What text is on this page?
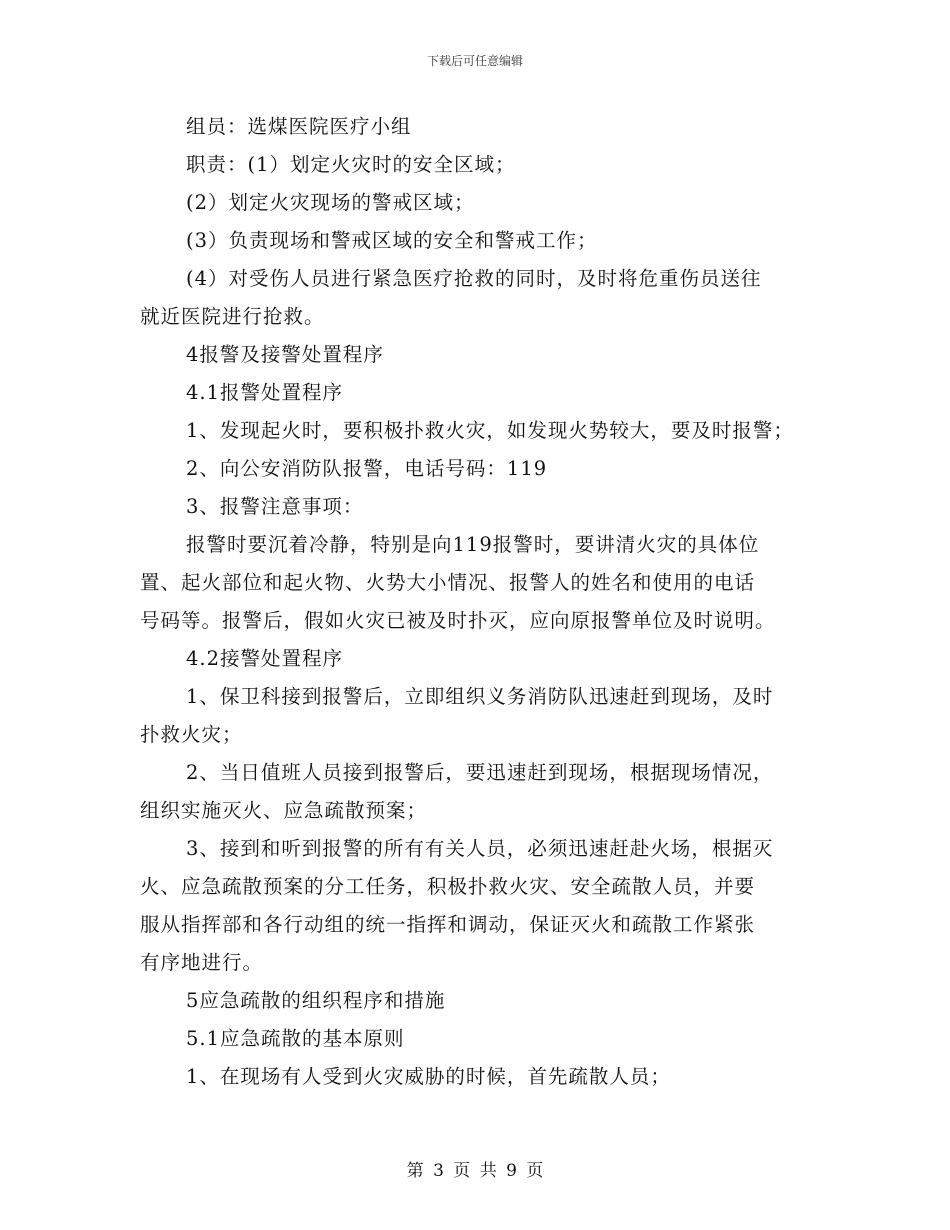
下载后可任意编辑
组员：选煤医院医疗小组
职责：(1）划定火灾时的安全区域；
(2）划定火灾现场的警戒区域；
(3）负责现场和警戒区域的安全和警戒工作；
(4）对受伤人员进行紧急医疗抢救的同时，及时将危重伤员送往
就近医院进行抢救。
4报警及接警处置程序
4.1报警处置程序
1、发现起火时，要积极扑救火灾，如发现火势较大，要及时报警；
2、向公安消防队报警，电话号码：119
3、报警注意事项：
报警时要沉着冷静，特别是向119报警时，要讲清火灾的具体位
置、起火部位和起火物、火势大小情况、报警人的姓名和使用的电话
号码等。报警后，假如火灾已被及时扑灭，应向原报警单位及时说明。
4.2接警处置程序
1、保卫科接到报警后，立即组织义务消防队迅速赶到现场，及时
扑救火灾；
2、当日值班人员接到报警后，要迅速赶到现场，根据现场情况，
组织实施灭火、应急疏散预案；
3、接到和听到报警的所有有关人员，必须迅速赶赴火场，根据灭
火、应急疏散预案的分工任务，积极扑救火灾、安全疏散人员，并要
服从指挥部和各行动组的统一指挥和调动，保证灭火和疏散工作紧张
有序地进行。
5应急疏散的组织程序和措施
5.1应急疏散的基本原则
1、在现场有人受到火灾威胁的时候，首先疏散人员；
第 3 页 共 9 页
